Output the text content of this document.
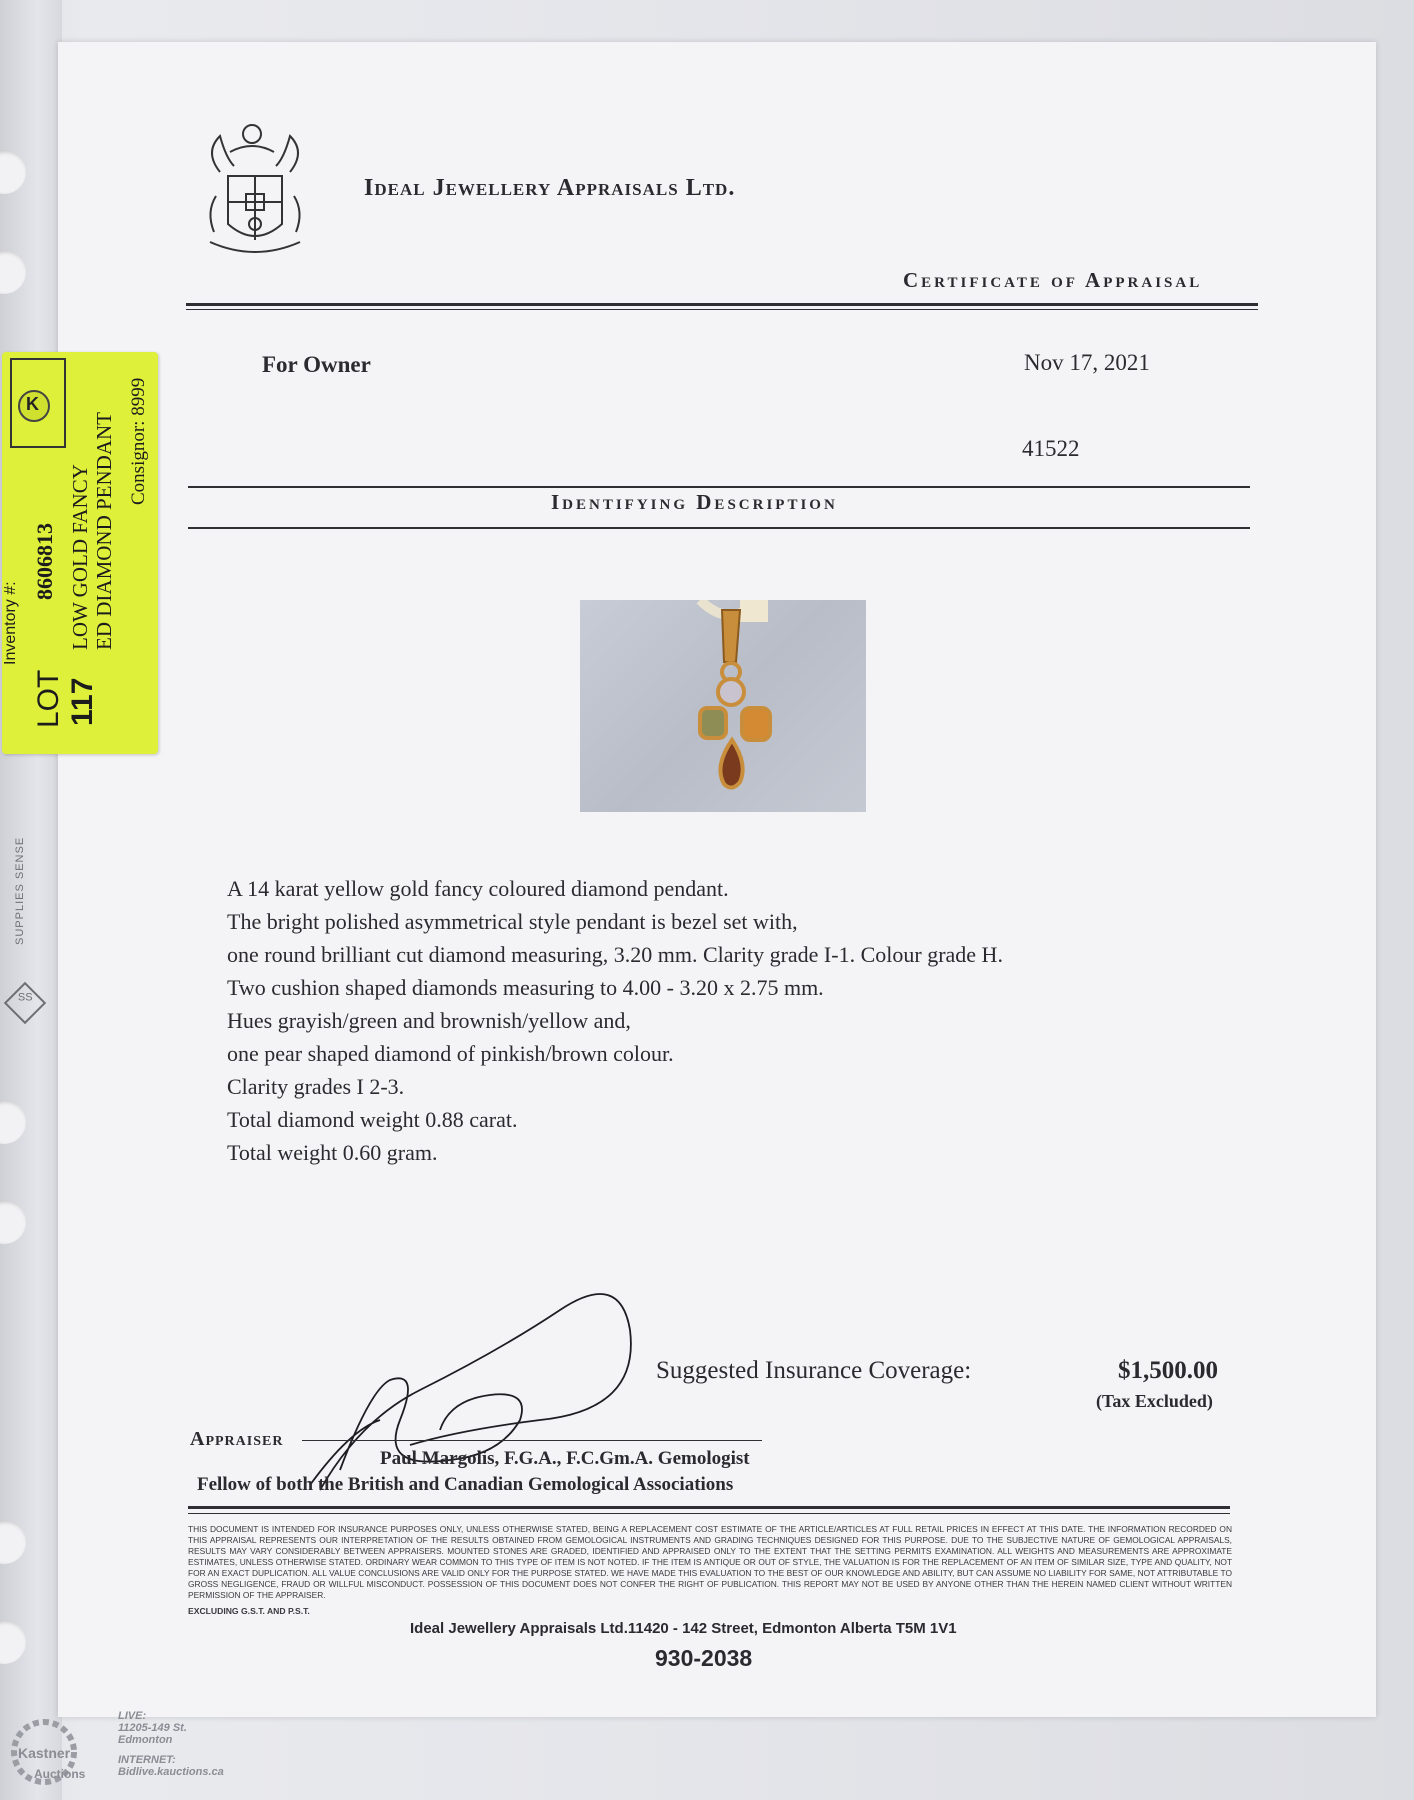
SUPPLIES SENSE
SS
Ideal Jewellery Appraisals Ltd.
Certificate of Appraisal
For Owner	Nov 17, 2021
41522
Identifying Description
A 14 karat yellow gold fancy coloured diamond pendant.
The bright polished asymmetrical style pendant is bezel set with,
one round brilliant cut diamond measuring, 3.20 mm. Clarity grade I-1. Colour grade H.
Two cushion shaped diamonds measuring to 4.00 - 3.20 x 2.75 mm.
Hues grayish/green and brownish/yellow and,
one pear shaped diamond of pinkish/brown colour.
Clarity grades I 2-3.
Total diamond weight 0.88 carat.
Total weight 0.60 gram.
Suggested Insurance Coverage:	$1,500.00
(Tax Excluded)
Appraiser
Paul Margolis, F.G.A., F.C.Gm.A. Gemologist
Fellow of both the British and Canadian Gemological Associations

THIS DOCUMENT IS INTENDED FOR INSURANCE PURPOSES ONLY, UNLESS OTHERWISE STATED, BEING A REPLACEMENT COST ESTIMATE OF THE ARTICLE/ARTICLES AT FULL RETAIL PRICES IN EFFECT AT THIS DATE. THE INFORMATION RECORDED ON THIS APPRAISAL REPRESENTS OUR INTERPRETATION OF THE RESULTS OBTAINED FROM GEMOLOGICAL INSTRUMENTS AND GRADING TECHNIQUES DESIGNED FOR THIS PURPOSE. DUE TO THE SUBJECTIVE NATURE OF GEMOLOGICAL APPRAISALS, RESULTS MAY VARY CONSIDERABLY BETWEEN APPRAISERS. MOUNTED STONES ARE GRADED, IDENTIFIED AND APPRAISED ONLY TO THE EXTENT THAT THE SETTING PERMITS EXAMINATION. ALL WEIGHTS AND MEASUREMENTS ARE APPROXIMATE ESTIMATES, UNLESS OTHERWISE STATED. ORDINARY WEAR COMMON TO THIS TYPE OF ITEM IS NOT NOTED. IF THE ITEM IS ANTIQUE OR OUT OF STYLE, THE VALUATION IS FOR THE REPLACEMENT OF AN ITEM OF SIMILAR SIZE, TYPE AND QUALITY, NOT FOR AN EXACT DUPLICATION. ALL VALUE CONCLUSIONS ARE VALID ONLY FOR THE PURPOSE STATED. WE HAVE MADE THIS EVALUATION TO THE BEST OF OUR KNOWLEDGE AND ABILITY, BUT CAN ASSUME NO LIABILITY FOR SAME, NOT ATTRIBUTABLE TO GROSS NEGLIGENCE, FRAUD OR WILLFUL MISCONDUCT. POSSESSION OF THIS DOCUMENT DOES NOT CONFER THE RIGHT OF PUBLICATION. THIS REPORT MAY NOT BE USED BY ANYONE OTHER THAN THE HEREIN NAMED CLIENT WITHOUT WRITTEN PERMISSION OF THE APPRAISER.

EXCLUDING G.S.T. AND P.S.T.
Ideal Jewellery Appraisals Ltd.11420 - 142 Street, Edmonton Alberta T5M 1V1
930-2038
K
LOT 117
Inventory #:
8606813 LOW GOLD FANCY ED DIAMOND PENDANT Consignor: 8999
Kastner
Auctions
LIVE:
11205-149 St.
Edmonton
INTERNET:
Bidlive.kauctions.ca
